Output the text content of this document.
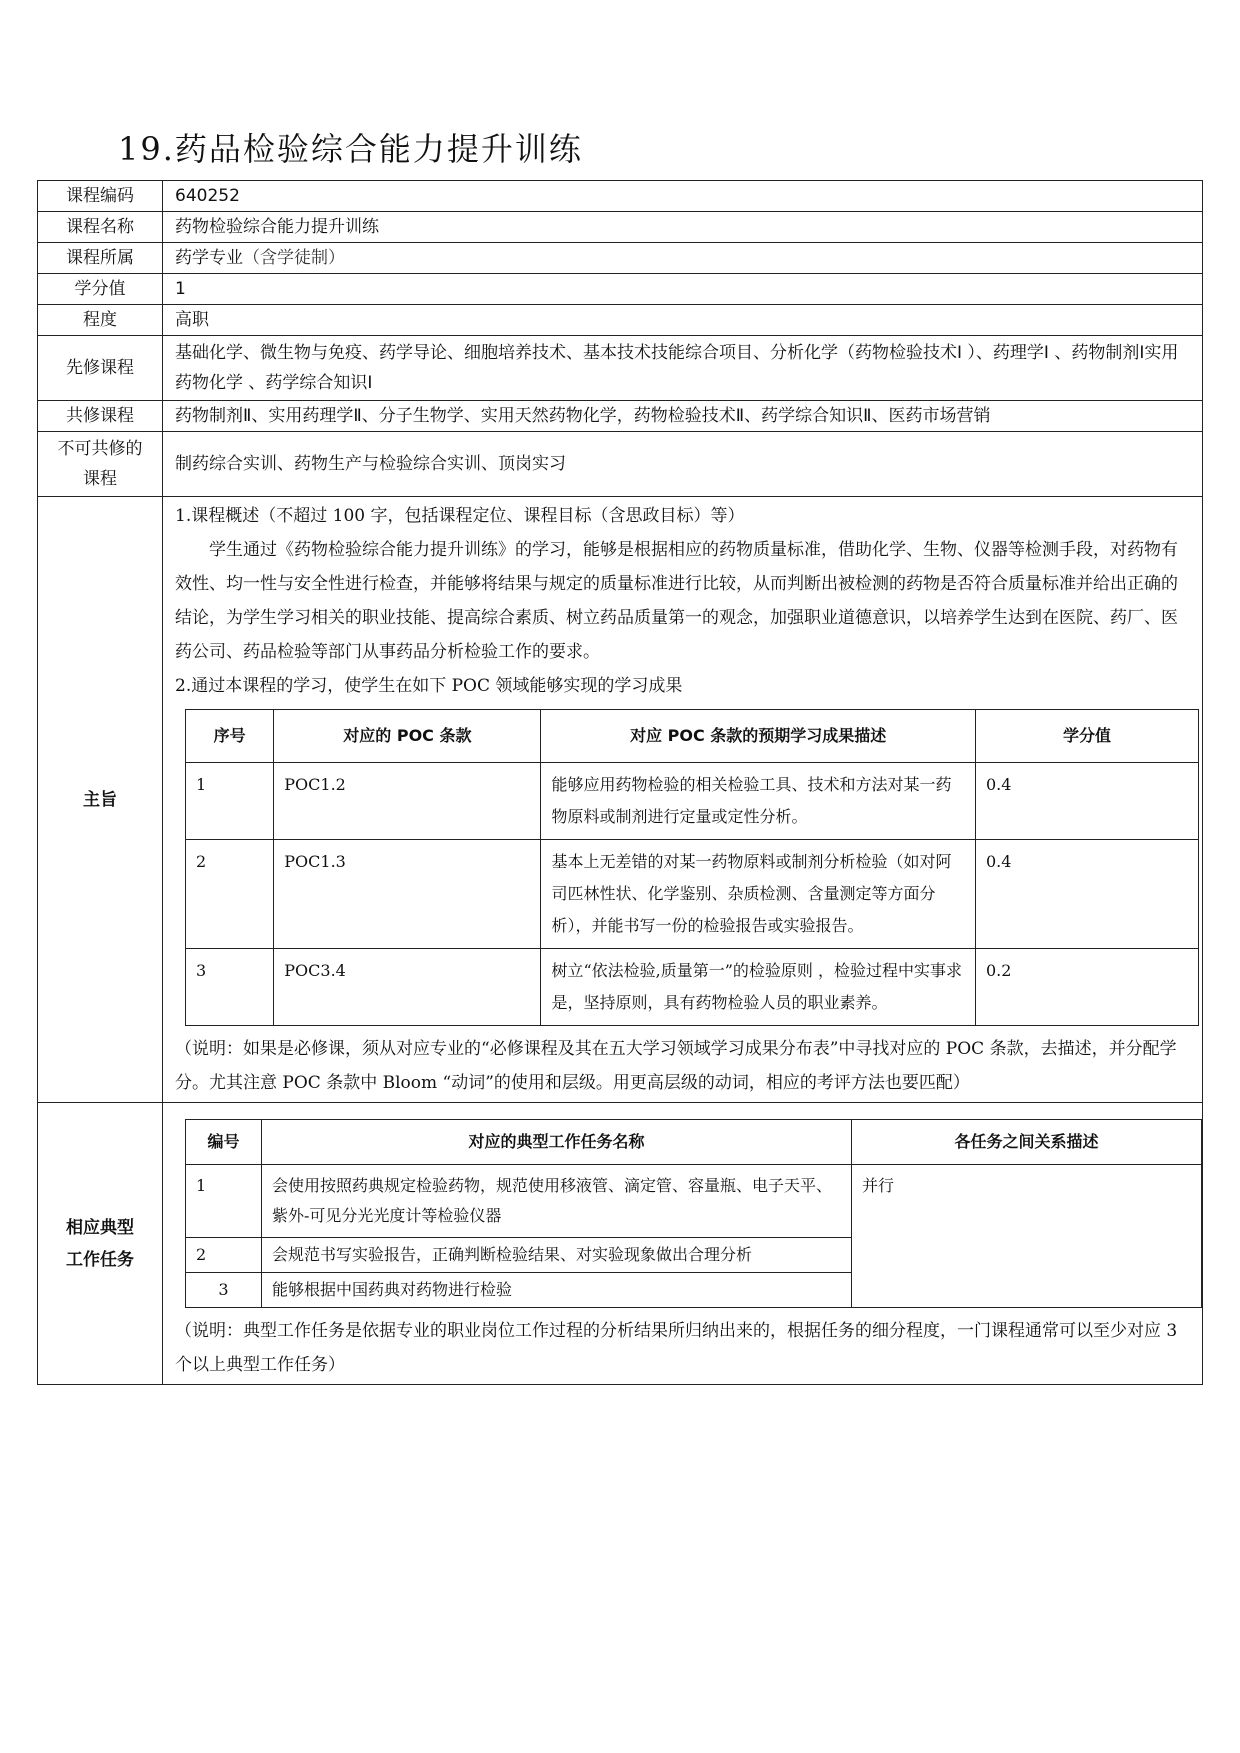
19.药品检验综合能力提升训练
课程编码	640252
课程名称	药物检验综合能力提升训练
课程所属	药学专业（含学徒制）
学分值	1
程度	高职
先修课程	基础化学、微生物与免疫、药学导论、细胞培养技术、基本技术技能综合项目、分析化学（药物检验技术Ⅰ ）、药理学Ⅰ 、药物制剂Ⅰ实用药物化学 、药学综合知识Ⅰ
共修课程	药物制剂Ⅱ、实用药理学Ⅱ、分子生物学、实用天然药物化学，药物检验技术Ⅱ、药学综合知识Ⅱ、医药市场营销
不可共修的
课程	制药综合实训、药物生产与检验综合实训、顶岗实习
主旨	

1.课程概述（不超过 100 字，包括课程定位、课程目标（含思政目标）等）

学生通过《药物检验综合能力提升训练》的学习，能够是根据相应的药物质量标准，借助化学、生物、仪器等检测手段，对药物有效性、均一性与安全性进行检查，并能够将结果与规定的质量标准进行比较，从而判断出被检测的药物是否符合质量标准并给出正确的结论，为学生学习相关的职业技能、提高综合素质、树立药品质量第一的观念，加强职业道德意识，以培养学生达到在医院、药厂、医药公司、药品检验等部门从事药品分析检验工作的要求。

2.通过本课程的学习，使学生在如下 POC 领域能够实现的学习成果

序号	对应的 POC 条款	对应 POC 条款的预期学习成果描述	学分值
1	POC1.2	能够应用药物检验的相关检验工具、技术和方法对某一药物原料或制剂进行定量或定性分析。	0.4
2	POC1.3	基本上无差错的对某一药物原料或制剂分析检验（如对阿司匹林性状、化学鉴别、杂质检测、含量测定等方面分析），并能书写一份的检验报告或实验报告。	0.4
3	POC3.4	树立“依法检验,质量第一”的检验原则 ，检验过程中实事求是，坚持原则，具有药物检验人员的职业素养。	0.2

（说明：如果是必修课，须从对应专业的“必修课程及其在五大学习领域学习成果分布表”中寻找对应的 POC 条款，去描述，并分配学分。尤其注意 POC 条款中 Bloom “动词”的使用和层级。用更高层级的动词，相应的考评方法也要匹配）

相应典型
工作任务	
编号	对应的典型工作任务名称	各任务之间关系描述
1	会使用按照药典规定检验药物，规范使用移液管、滴定管、容量瓶、电子天平、紫外-可见分光光度计等检验仪器	并行
2	会规范书写实验报告，正确判断检验结果、对实验现象做出合理分析
3	能够根据中国药典对药物进行检验

（说明：典型工作任务是依据专业的职业岗位工作过程的分析结果所归纳出来的，根据任务的细分程度，一门课程通常可以至少对应 3 个以上典型工作任务）
